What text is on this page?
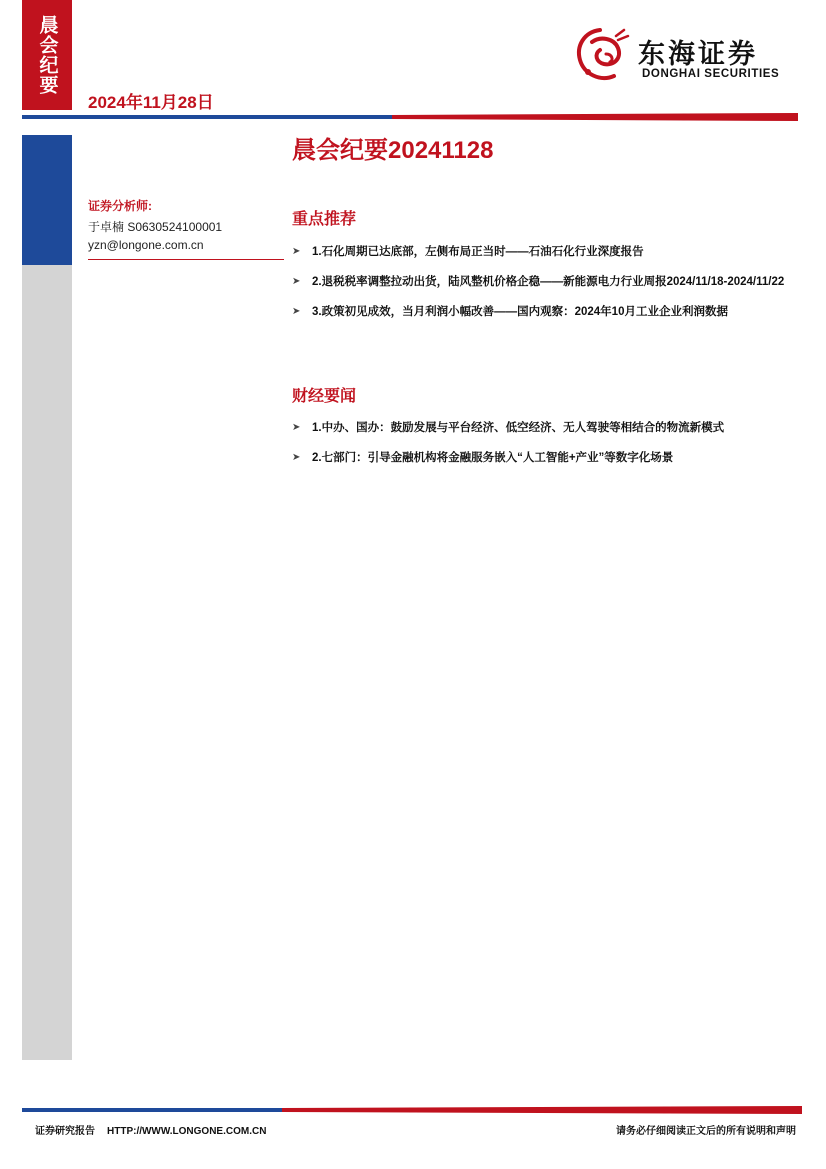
晨会纪要
2024年11月28日
东海证券
DONGHAI SECURITIES
晨会纪要20241128
证券分析师:
于卓楠 S0630524100001
yzn@longone.com.cn
重点推荐
➤ 1.石化周期已达底部，左侧布局正当时——石油石化行业深度报告
➤ 2.退税税率调整拉动出货，陆风整机价格企稳——新能源电力行业周报2024/11/18-2024/11/22
➤ 3.政策初见成效，当月利润小幅改善——国内观察：2024年10月工业企业利润数据
财经要闻
➤ 1.中办、国办：鼓励发展与平台经济、低空经济、无人驾驶等相结合的物流新模式
➤ 2.七部门：引导金融机构将金融服务嵌入“人工智能+产业”等数字化场景
证券研究报告 HTTP://WWW.LONGONE.COM.CN	请务必仔细阅读正文后的所有说明和声明
